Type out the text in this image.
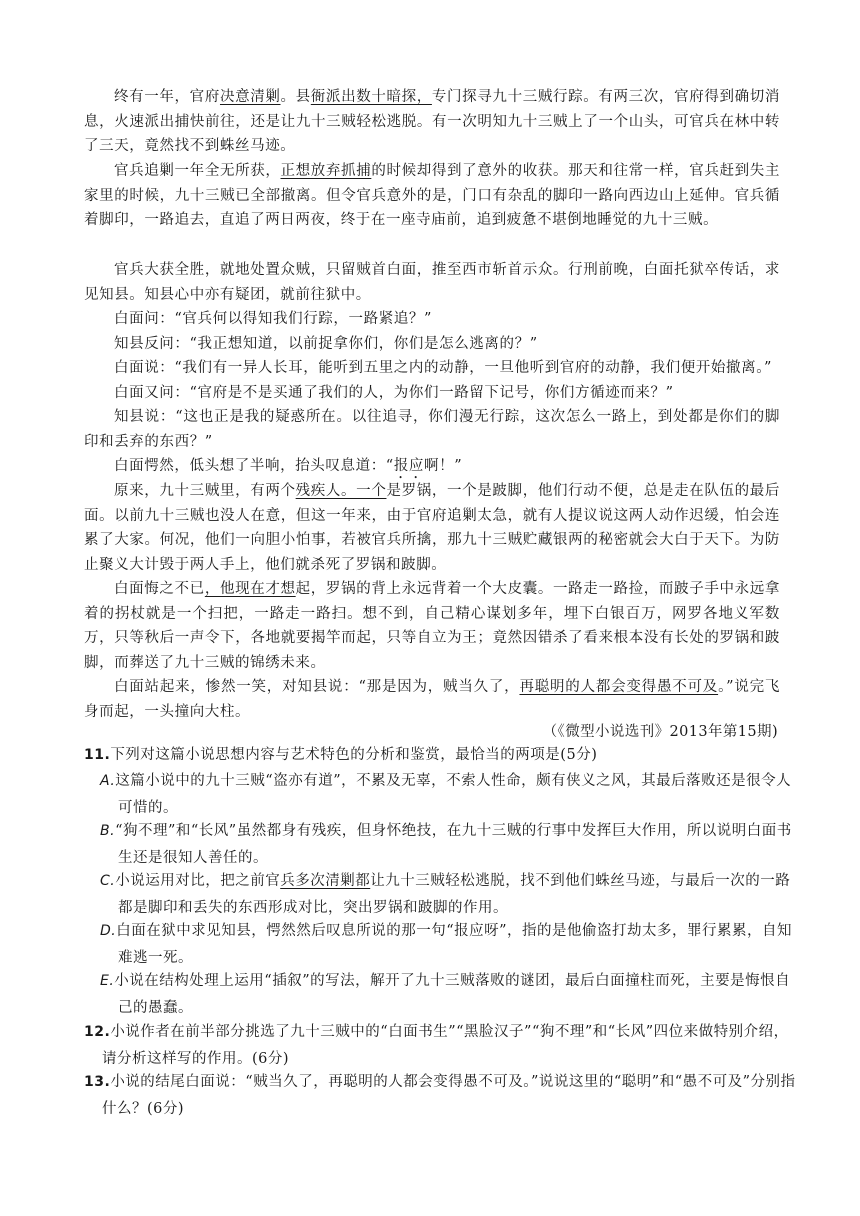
终有一年，官府决意清剿。县衙派出数十暗探，专门探寻九十三贼行踪。有两三次，官府得到确切消息，火速派出捕快前往，还是让九十三贼轻松逃脱。有一次明知九十三贼上了一个山头，可官兵在林中转了三天，竟然找不到蛛丝马迹。

官兵追剿一年全无所获，正想放弃抓捕的时候却得到了意外的收获。那天和往常一样，官兵赶到失主家里的时候，九十三贼已全部撤离。但令官兵意外的是，门口有杂乱的脚印一路向西边山上延伸。官兵循着脚印，一路追去，直追了两日两夜，终于在一座寺庙前，追到疲惫不堪倒地睡觉的九十三贼。

官兵大获全胜，就地处置众贼，只留贼首白面，推至西市斩首示众。行刑前晚，白面托狱卒传话，求见知县。知县心中亦有疑团，就前往狱中。

白面问：“官兵何以得知我们行踪，一路紧追？”

知县反问：“我正想知道，以前捉拿你们，你们是怎么逃离的？”

白面说：“我们有一异人长耳，能听到五里之内的动静，一旦他听到官府的动静，我们便开始撤离。”

白面又问：“官府是不是买通了我们的人，为你们一路留下记号，你们方循迹而来？”

知县说：“这也正是我的疑惑所在。以往追寻，你们漫无行踪，这次怎么一路上，到处都是你们的脚印和丢弃的东西？”

白面愕然，低头想了半响，抬头叹息道：“报应啊！”

原来，九十三贼里，有两个残疾人。一个是罗锅，一个是跛脚，他们行动不便，总是走在队伍的最后面。以前九十三贼也没人在意，但这一年来，由于官府追剿太急，就有人提议说这两人动作迟缓，怕会连累了大家。何况，他们一向胆小怕事，若被官兵所擒，那九十三贼贮藏银两的秘密就会大白于天下。为防止聚义大计毁于两人手上，他们就杀死了罗锅和跛脚。

白面悔之不已，他现在才想起，罗锅的背上永远背着一个大皮囊。一路走一路捡，而跛子手中永远拿着的拐杖就是一个扫把，一路走一路扫。想不到，自己精心谋划多年，埋下白银百万，网罗各地义军数万，只等秋后一声令下，各地就要揭竿而起，只等自立为王；竟然因错杀了看来根本没有长处的罗锅和跛脚，而葬送了九十三贼的锦绣未来。

白面站起来，惨然一笑，对知县说：“那是因为，贼当久了，再聪明的人都会变得愚不可及。”说完飞身而起，一头撞向大柱。

（《微型小说选刊》2013年第15期)

11.下列对这篇小说思想内容与艺术特色的分析和鉴赏，最恰当的两项是(5分)

A.这篇小说中的九十三贼“盗亦有道”，不累及无辜，不索人性命，颇有侠义之风，其最后落败还是很令人可惜的。

B.“狗不理”和“长风”虽然都身有残疾，但身怀绝技，在九十三贼的行事中发挥巨大作用，所以说明白面书生还是很知人善任的。

C.小说运用对比，把之前官兵多次清剿都让九十三贼轻松逃脱，找不到他们蛛丝马迹，与最后一次的一路都是脚印和丢失的东西形成对比，突出罗锅和跛脚的作用。

D.白面在狱中求见知县，愕然然后叹息所说的那一句“报应呀”，指的是他偷盗打劫太多，罪行累累，自知难逃一死。

E.小说在结构处理上运用“插叙”的写法，解开了九十三贼落败的谜团，最后白面撞柱而死，主要是悔恨自己的愚蠢。

12.小说作者在前半部分挑选了九十三贼中的“白面书生”“黑脸汉子”“狗不理”和“长风”四位来做特别介绍，请分析这样写的作用。(6分)

13.小说的结尾白面说：“贼当久了，再聪明的人都会变得愚不可及。”说说这里的“聪明”和“愚不可及”分别指什么？(6分)
